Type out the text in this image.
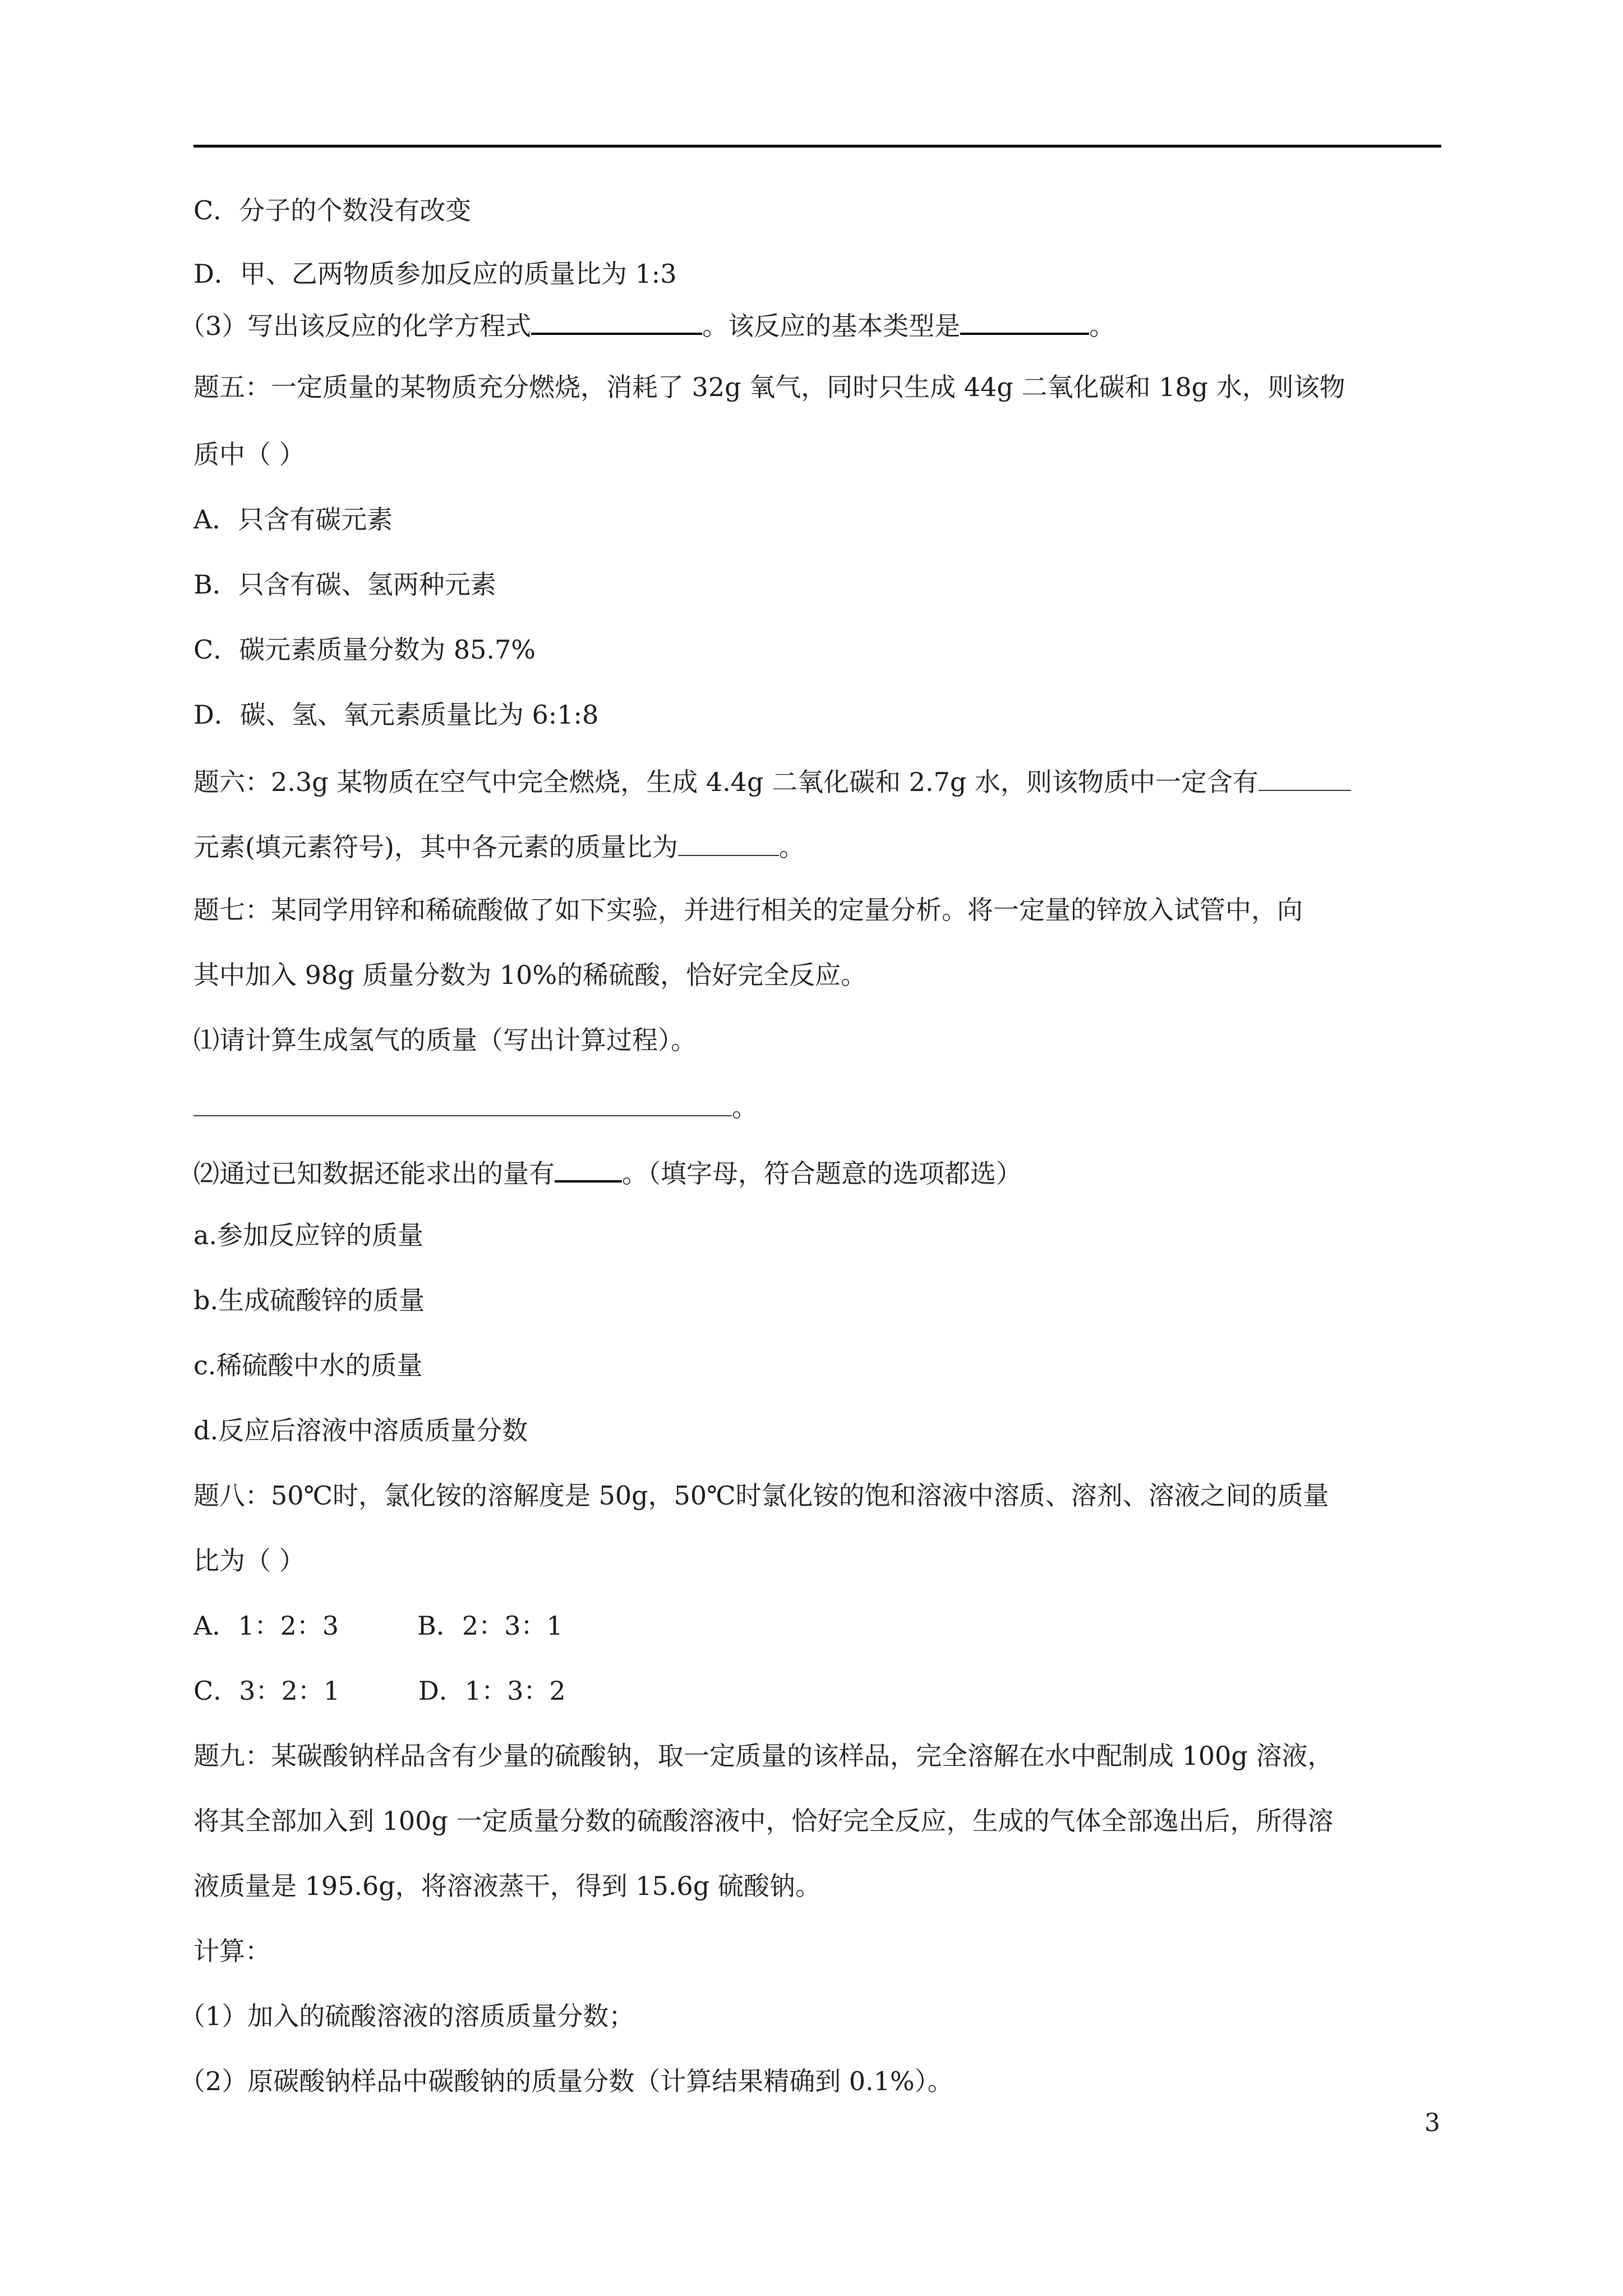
C．分子的个数没有改变
D．甲、乙两物质参加反应的质量比为 1:3
（3）写出该反应的化学方程式	。该反应的基本类型是	。
题五：一定质量的某物质充分燃烧，消耗了 32g 氧气，同时只生成 44g 二氧化碳和 18g 水，则该物
质中（ ）
A．只含有碳元素
B．只含有碳、氢两种元素
C．碳元素质量分数为 85.7%
D．碳、氢、氧元素质量比为 6:1:8
题六：2.3g 某物质在空气中完全燃烧，生成 4.4g 二氧化碳和 2.7g 水，则该物质中一定含有
元素(填元素符号)，其中各元素的质量比为	。
题七：某同学用锌和稀硫酸做了如下实验，并进行相关的定量分析。将一定量的锌放入试管中，向
其中加入 98g 质量分数为 10%的稀硫酸，恰好完全反应。
⑴请计算生成氢气的质量（写出计算过程）。
。
⑵通过已知数据还能求出的量有	。（填字母，符合题意的选项都选）
a.参加反应锌的质量
b.生成硫酸锌的质量
c.稀硫酸中水的质量
d.反应后溶液中溶质质量分数
题八：50℃时，氯化铵的溶解度是 50g，50℃时氯化铵的饱和溶液中溶质、溶剂、溶液之间的质量
比为（ ）
A．1：2：3	B．2：3：1
C．3：2：1	D．1：3：2
题九：某碳酸钠样品含有少量的硫酸钠，取一定质量的该样品，完全溶解在水中配制成 100g 溶液，
将其全部加入到 100g 一定质量分数的硫酸溶液中，恰好完全反应，生成的气体全部逸出后，所得溶
液质量是 195.6g，将溶液蒸干，得到 15.6g 硫酸钠。
计算：
（1）加入的硫酸溶液的溶质质量分数；
（2）原碳酸钠样品中碳酸钠的质量分数（计算结果精确到 0.1%）。
3
